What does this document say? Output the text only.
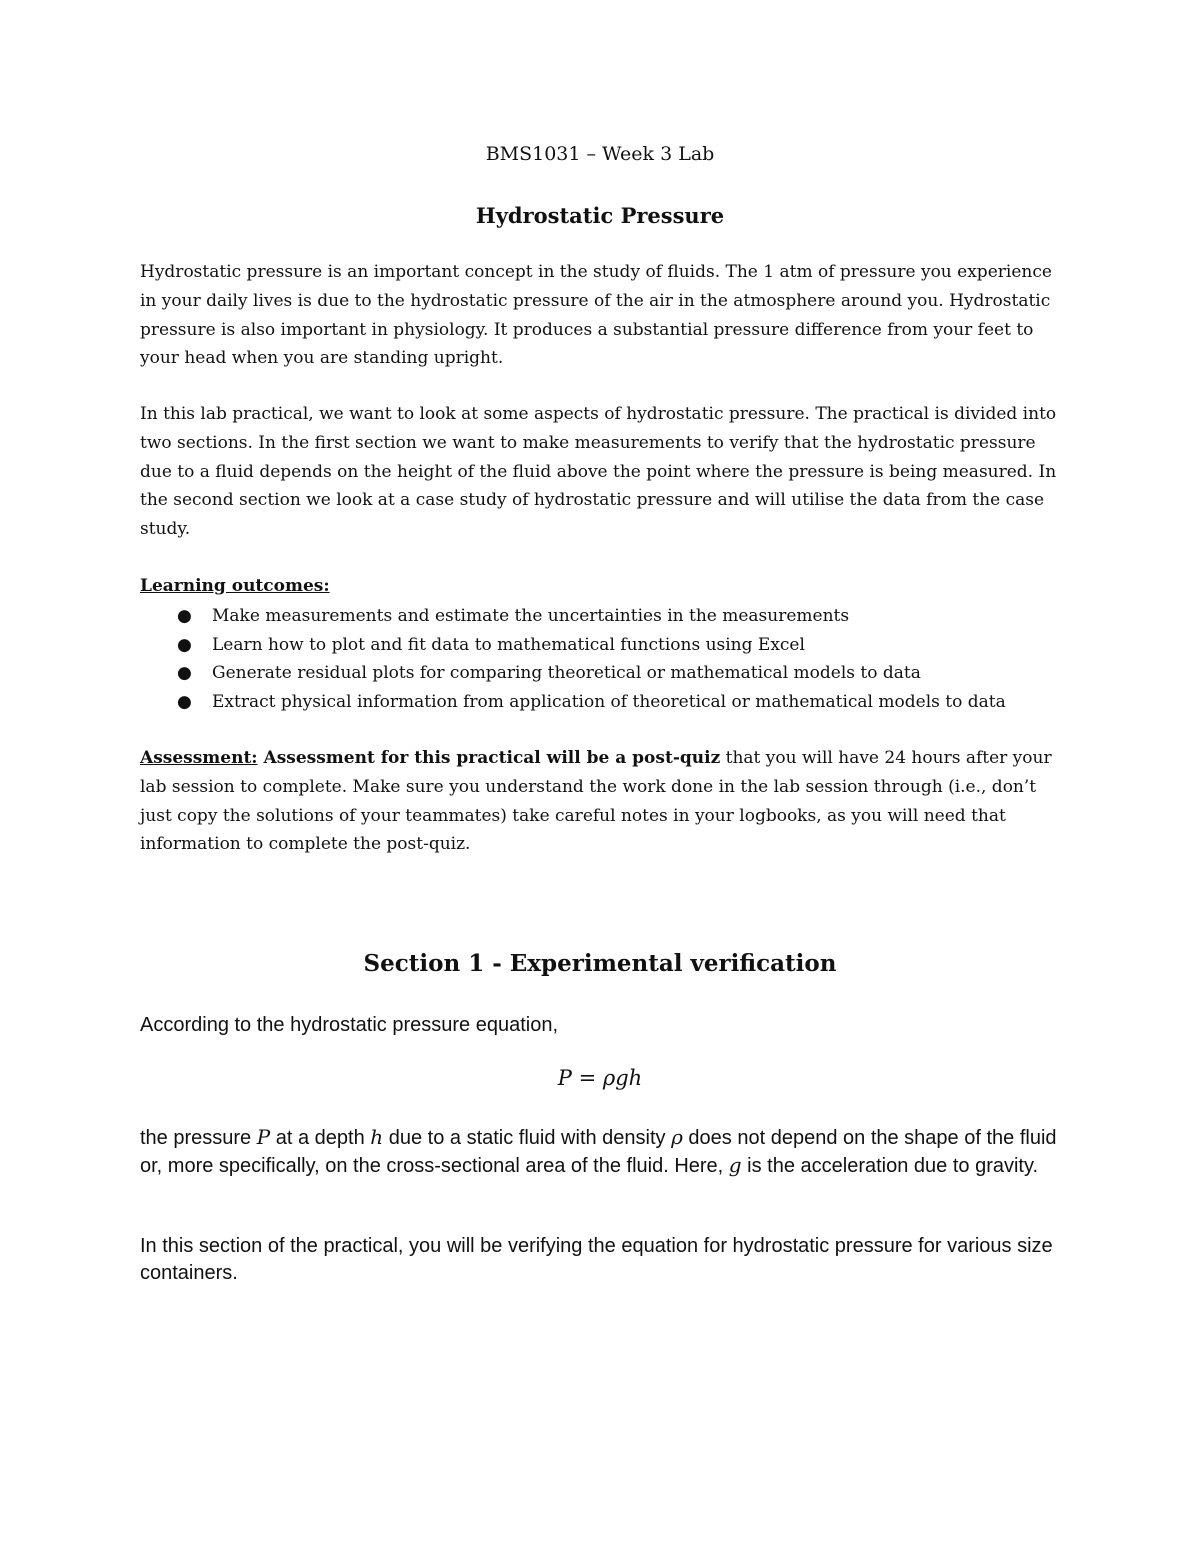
BMS1031 – Week 3 Lab
Hydrostatic Pressure

Hydrostatic pressure is an important concept in the study of fluids. The 1 atm of pressure you experience in your daily lives is due to the hydrostatic pressure of the air in the atmosphere around you. Hydrostatic pressure is also important in physiology. It produces a substantial pressure difference from your feet to your head when you are standing upright.

In this lab practical, we want to look at some aspects of hydrostatic pressure. The practical is divided into two sections. In the first section we want to make measurements to verify that the hydrostatic pressure due to a fluid depends on the height of the fluid above the point where the pressure is being measured. In the second section we look at a case study of hydrostatic pressure and will utilise the data from the case study.

Learning outcomes:
● Make measurements and estimate the uncertainties in the measurements
● Learn how to plot and fit data to mathematical functions using Excel
● Generate residual plots for comparing theoretical or mathematical models to data
● Extract physical information from application of theoretical or mathematical models to data

Assessment: Assessment for this practical will be a post-quiz that you will have 24 hours after your lab session to complete. Make sure you understand the work done in the lab session through (i.e., don’t just copy the solutions of your teammates) take careful notes in your logbooks, as you will need that information to complete the post-quiz.

Section 1 - Experimental verification

According to the hydrostatic pressure equation,

P = ρgh

the pressure P at a depth h due to a static fluid with density ρ does not depend on the shape of the fluid or, more specifically, on the cross-sectional area of the fluid. Here, g is the acceleration due to gravity.

In this section of the practical, you will be verifying the equation for hydrostatic pressure for various size containers.
